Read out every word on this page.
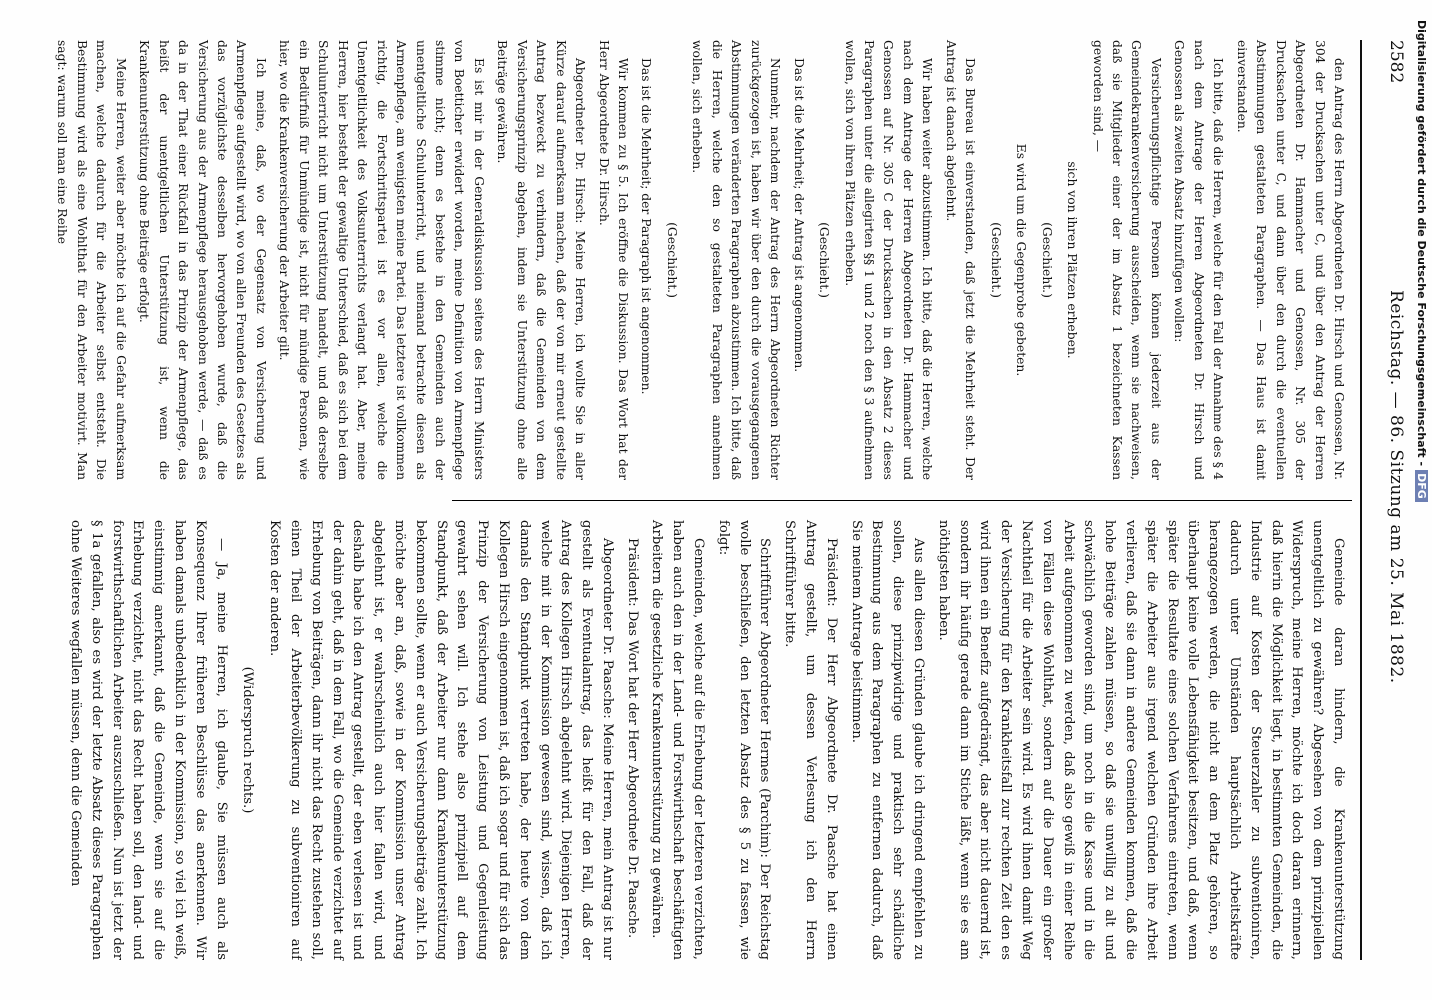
2582
Reichstag. — 86. Sitzung am 25. Mai 1882.

den Antrag des Herrn Abgeordneten Dr. Hirsch und Genossen, Nr. 304 der Drucksachen unter C, und über den Antrag der Herren Abgeordneten Dr. Hammacher und Genossen, Nr. 305 der Drucksachen unter C, und dann über den durch die eventuellen Abstimmungen gestalteten Paragraphen. — Das Haus ist damit einverstanden.

Ich bitte, daß die Herren, welche für den Fall der Annahme des § 4 nach dem Antrage der Herren Abgeordneten Dr. Hirsch und Genossen als zweiten Absatz hinzufügen wollen:

Versicherungspflichtige Personen können jederzeit aus der Gemeindekrankenversicherung ausscheiden, wenn sie nachweisen, daß sie Mitglieder einer der im Absatz 1 bezeichneten Kassen geworden sind, —

sich von ihren Plätzen erheben.

(Geschieht.)

Es wird um die Gegenprobe gebeten.

(Geschieht.)

Das Bureau ist einverstanden, daß jetzt die Mehrheit steht. Der Antrag ist danach abgelehnt.

Wir haben weiter abzustimmen. Ich bitte, daß die Herren, welche nach dem Antrage der Herren Abgeordneten Dr. Hammacher und Genossen auf Nr. 305 C der Drucksachen in den Absatz 2 dieses Paragraphen unter die allegirten §§ 1 und 2 noch den § 3 aufnehmen wollen, sich von ihren Plätzen erheben.

(Geschieht.)

Das ist die Mehrheit; der Antrag ist angenommen.

Nunmehr, nachdem der Antrag des Herrn Abgeordneten Richter zurückgezogen ist, haben wir über den durch die vorausgegangenen Abstimmungen veränderten Paragraphen abzustimmen. Ich bitte, daß die Herren, welche den so gestalteten Paragraphen annehmen wollen, sich erheben.

(Geschieht.)

Das ist die Mehrheit; der Paragraph ist angenommen.

Wir kommen zu § 5. Ich eröffne die Diskussion. Das Wort hat der Herr Abgeordnete Dr. Hirsch.

Abgeordneter Dr. Hirsch: Meine Herren, ich wollte Sie in aller Kürze darauf aufmerksam machen, daß der von mir erneut gestellte Antrag bezweckt zu verhindern, daß die Gemeinden von dem Versicherungsprinzip abgehen, indem sie Unterstützung ohne alle Beiträge gewähren.

Es ist mir in der Generaldiskussion seitens des Herrn Ministers von Boetticher erwidert worden, meine Definition von Armenpflege stimme nicht; denn es bestehe in den Gemeinden auch der unentgeltliche Schulunterricht, und niemand betrachte diesen als Armenpflege, am wenigsten meine Partei. Das letztere ist vollkommen richtig, die Fortschrittspartei ist es vor allen, welche die Unentgeltlichkeit des Volksunterrichts verlangt hat. Aber, meine Herren, hier besteht der gewaltige Unterschied, daß es sich bei dem Schulunterricht nicht um Unterstützung handelt, und daß derselbe ein Bedürfniß für Unmündige ist, nicht für mündige Personen, wie hier, wo die Krankenversicherung der Arbeiter gilt.

Ich meine, daß, wo der Gegensatz von Versicherung und Armenpflege aufgestellt wird, wo von allen Freunden des Gesetzes als das vorzüglichste desselben hervorgehoben wurde, daß die Versicherung aus der Armenpflege herausgehoben werde, — daß es da in der That einer Rückfall in das Prinzip der Armenpflege, das heißt der unentgeltlichen Unterstützung ist, wenn die Krankenunterstützung ohne Beiträge erfolgt.

Meine Herren, weiter aber möchte ich auf die Gefahr aufmerksam machen, welche dadurch für die Arbeiter selbst entsteht. Die Bestimmung wird als eine Wohlthat für den Arbeiter motivirt. Man sagt: warum soll man eine Reihe

Gemeinde daran hindern, die Krankenunterstützung unentgeltlich zu gewähren? Abgesehen von dem prinzipiellen Widerspruch, meine Herren, möchte ich doch daran erinnern, daß hierin die Möglichkeit liegt, in bestimmten Gemeinden, die Industrie auf Kosten der Steuerzahler zu subventioniren, dadurch unter Umständen hauptsächlich Arbeitskräfte herangezogen werden, die nicht an dem Platz gehören, so überhaupt keine volle Lebensfähigkeit besitzen, und daß, wenn später die Resultate eines solchen Verfahrens eintreten, wenn später die Arbeiter aus irgend welchen Gründen ihre Arbeit verlieren, daß sie dann in andere Gemeinden kommen, daß die hohe Beiträge zahlen müssen, so daß sie unwillig zu alt und schwächlich geworden sind, um noch in die Kasse und in die Arbeit aufgenommen zu werden, daß also gewiß in einer Reihe von Fällen diese Wohlthat, sondern auf die Dauer ein großer Nachtheil für die Arbeiter sein wird. Es wird ihnen damit Weg der Versicherung für den Krankheitsfall zur rechten Zeit den es wird ihnen ein Benefiz aufgedrängt, das aber nicht dauernd ist, sondern ihr häufig gerade dann im Stiche läßt, wenn sie es am nöthigsten haben.

Aus allen diesen Gründen glaube ich dringend empfehlen zu sollen, diese prinzipwidrige und praktisch sehr schädliche Bestimmung aus dem Paragraphen zu entfernen dadurch, daß Sie meinem Antrage beistimmen.

Präsident: Der Herr Abgeordnete Dr. Paasche hat einen Antrag gestellt, um dessen Verlesung ich den Herrn Schriftführer bitte.

Schriftführer Abgeordneter Hermes (Parchim): Der Reichstag wolle beschließen, den letzten Absatz des § 5 zu fassen, wie folgt:

Gemeinden, welche auf die Erhebung der letzteren verzichten, haben auch den in der Land- und Forstwirthschaft beschäftigten Arbeitern die gesetzliche Krankenunterstützung zu gewähren.

Präsident: Das Wort hat der Herr Abgeordnete Dr. Paasche.

Abgeordneter Dr. Paasche: Meine Herren, mein Antrag ist nur gestellt als Eventualantrag, das heißt für den Fall, daß der Antrag des Kollegen Hirsch abgelehnt wird. Diejenigen Herren, welche mit in der Kommission gewesen sind, wissen, daß ich damals den Standpunkt vertreten habe, der heute von dem Kollegen Hirsch eingenommen ist, daß ich sogar und für sich das Prinzip der Versicherung von Leistung und Gegenleistung gewahrt sehen will. Ich stehe also prinzipiell auf dem Standpunkt, daß der Arbeiter nur dann Krankenunterstützung bekommen sollte, wenn er auch Versicherungsbeiträge zahlt. Ich möchte aber an, daß, sowie in der Kommission unser Antrag abgelehnt ist, er wahrscheinlich auch hier fallen wird, und deshalb habe ich den Antrag gestellt, der eben verlesen ist und der dahin geht, daß in dem Fall, wo die Gemeinde verzichtet auf Erhebung von Beiträgen, dann ihr nicht das Recht zustehen soll, einen Theil der Arbeiterbevölkerung zu subventioniren auf Kosten der anderen.

(Widerspruch rechts.)

— Ja, meine Herren, ich glaube, Sie müssen auch als Konsequenz Ihrer früheren Beschlüsse das anerkennen. Wir haben damals unbedenklich in der Kommission, so viel ich weiß, einstimmig anerkannt, daß die Gemeinde, wenn sie auf die Erhebung verzichtet, nicht das Recht haben soll, den land- und forstwirthschaftlichen Arbeiter auszuschließen. Nun ist jetzt der § 1a gefallen, also es wird der letzte Absatz dieses Paragraphen ohne Weiteres wegfallen müssen, denn die Gemeinden

Digitalisierung gefördert durch die Deutsche Forschungsgemeinschaft -DFG
